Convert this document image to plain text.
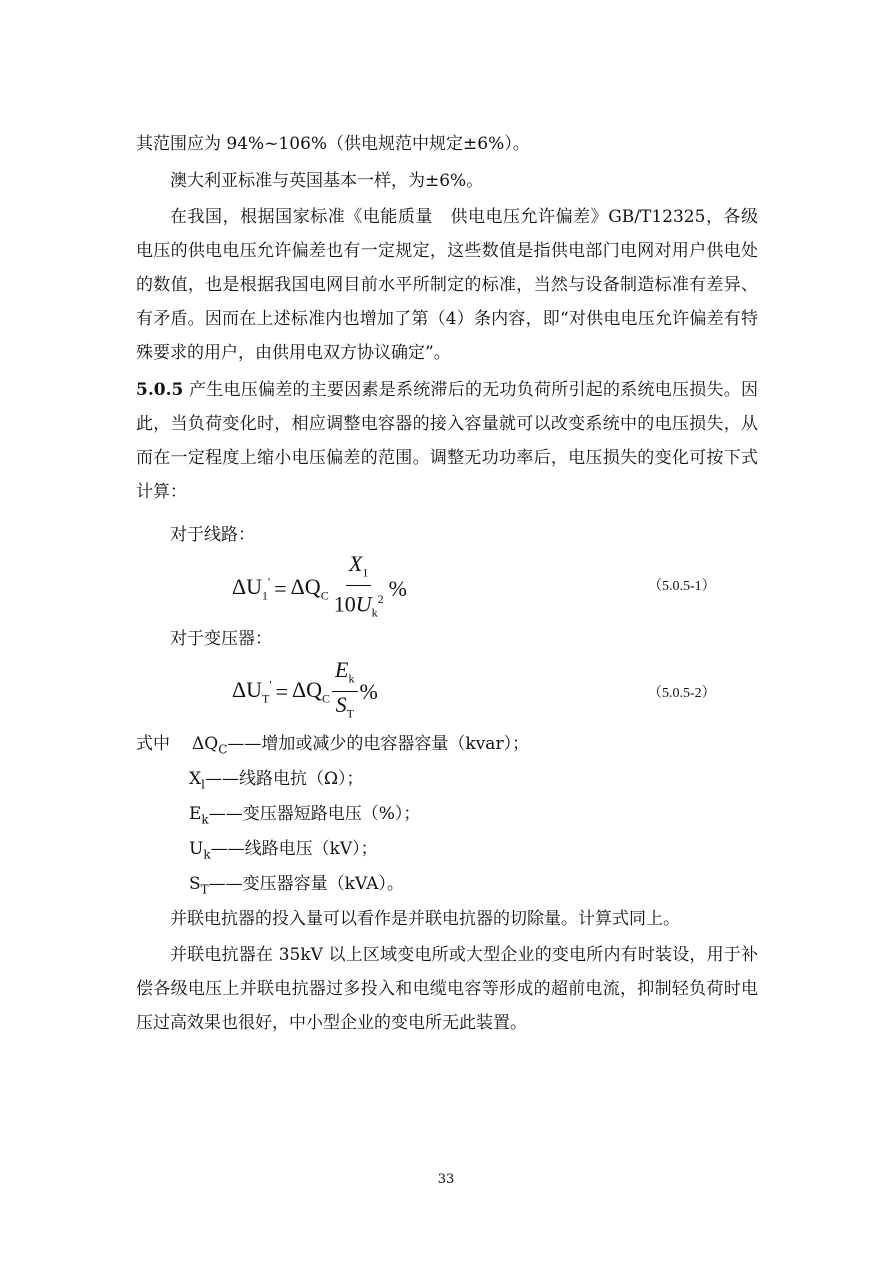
其范围应为 94%~106%（供电规范中规定±6%）。

澳大利亚标准与英国基本一样，为±6%。

在我国，根据国家标准《电能质量　供电电压允许偏差》GB/T12325，各级电压的供电电压允许偏差也有一定规定，这些数值是指供电部门电网对用户供电处的数值，也是根据我国电网目前水平所制定的标准，当然与设备制造标准有差异、有矛盾。因而在上述标准内也增加了第（4）条内容，即“对供电电压允许偏差有特殊要求的用户，由供用电双方协议确定”。

5.0.5 产生电压偏差的主要因素是系统滞后的无功负荷所引起的系统电压损失。因此，当负荷变化时，相应调整电容器的接入容量就可以改变系统中的电压损失，从而在一定程度上缩小电压偏差的范围。调整无功功率后，电压损失的变化可按下式计算：

对于线路：
$\Delta U_1' = \Delta Q_C \frac{X_1}{10U_k^2}$ %	（5.0.5-1）
对于变压器：
$\Delta U_T' = \Delta Q_C \frac{E_k}{S_T}$ %	（5.0.5-2）
式中 $\Delta Q_C——$增加或减少的电容器容量（kvar）；
$X_l——$线路电抗（Ω）；
$E_k——$变压器短路电压（%）；
$U_k——$线路电压（kV）；
$S_T——$变压器容量（kVA）。

并联电抗器的投入量可以看作是并联电抗器的切除量。计算式同上。

并联电抗器在 35kV 以上区域变电所或大型企业的变电所内有时装设，用于补偿各级电压上并联电抗器过多投入和电缆电容等形成的超前电流，抑制轻负荷时电压过高效果也很好，中小型企业的变电所无此装置。

33
